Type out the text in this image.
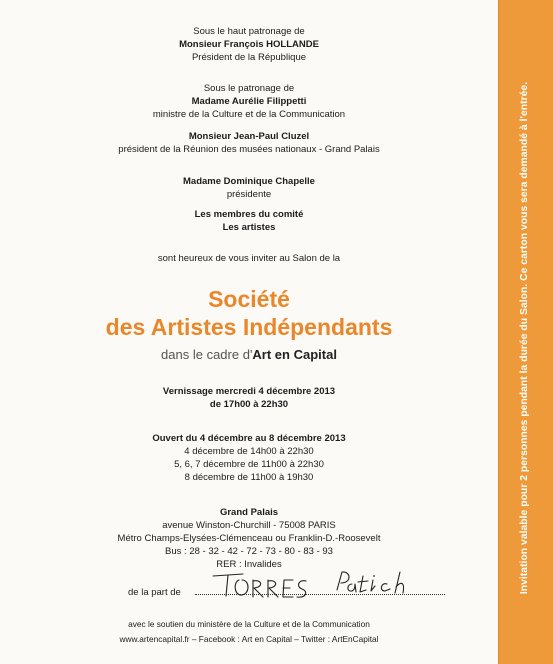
Sous le haut patronage de
Monsieur François HOLLANDE
Président de la République
Sous le patronage de
Madame Aurélie Filippetti
ministre de la Culture et de la Communication
Monsieur Jean-Paul Cluzel
président de la Réunion des musées nationaux - Grand Palais
Madame Dominique Chapelle
présidente
Les membres du comité
Les artistes
sont heureux de vous inviter au Salon de la
Société
des Artistes Indépendants
dans le cadre d'Art en Capital
Vernissage mercredi 4 décembre 2013
de 17h00 à 22h30
Ouvert du 4 décembre au 8 décembre 2013
4 décembre de 14h00 à 22h30
5, 6, 7 décembre de 11h00 à 22h30
8 décembre de 11h00 à 19h30
Grand Palais
avenue Winston-Churchill - 75008 PARIS
Métro Champs-Elysées-Clémenceau ou Franklin-D.-Roosevelt
Bus : 28 - 32 - 42 - 72 - 73 - 80 - 83 - 93
RER : Invalides
de la part de
avec le soutien du ministère de la Culture et de la Communication
www.artencapital.fr – Facebook : Art en Capital – Twitter : ArtEnCapital
Invitation valable pour 2 personnes pendant la durée du Salon. Ce carton vous sera demandé à l'entrée.
